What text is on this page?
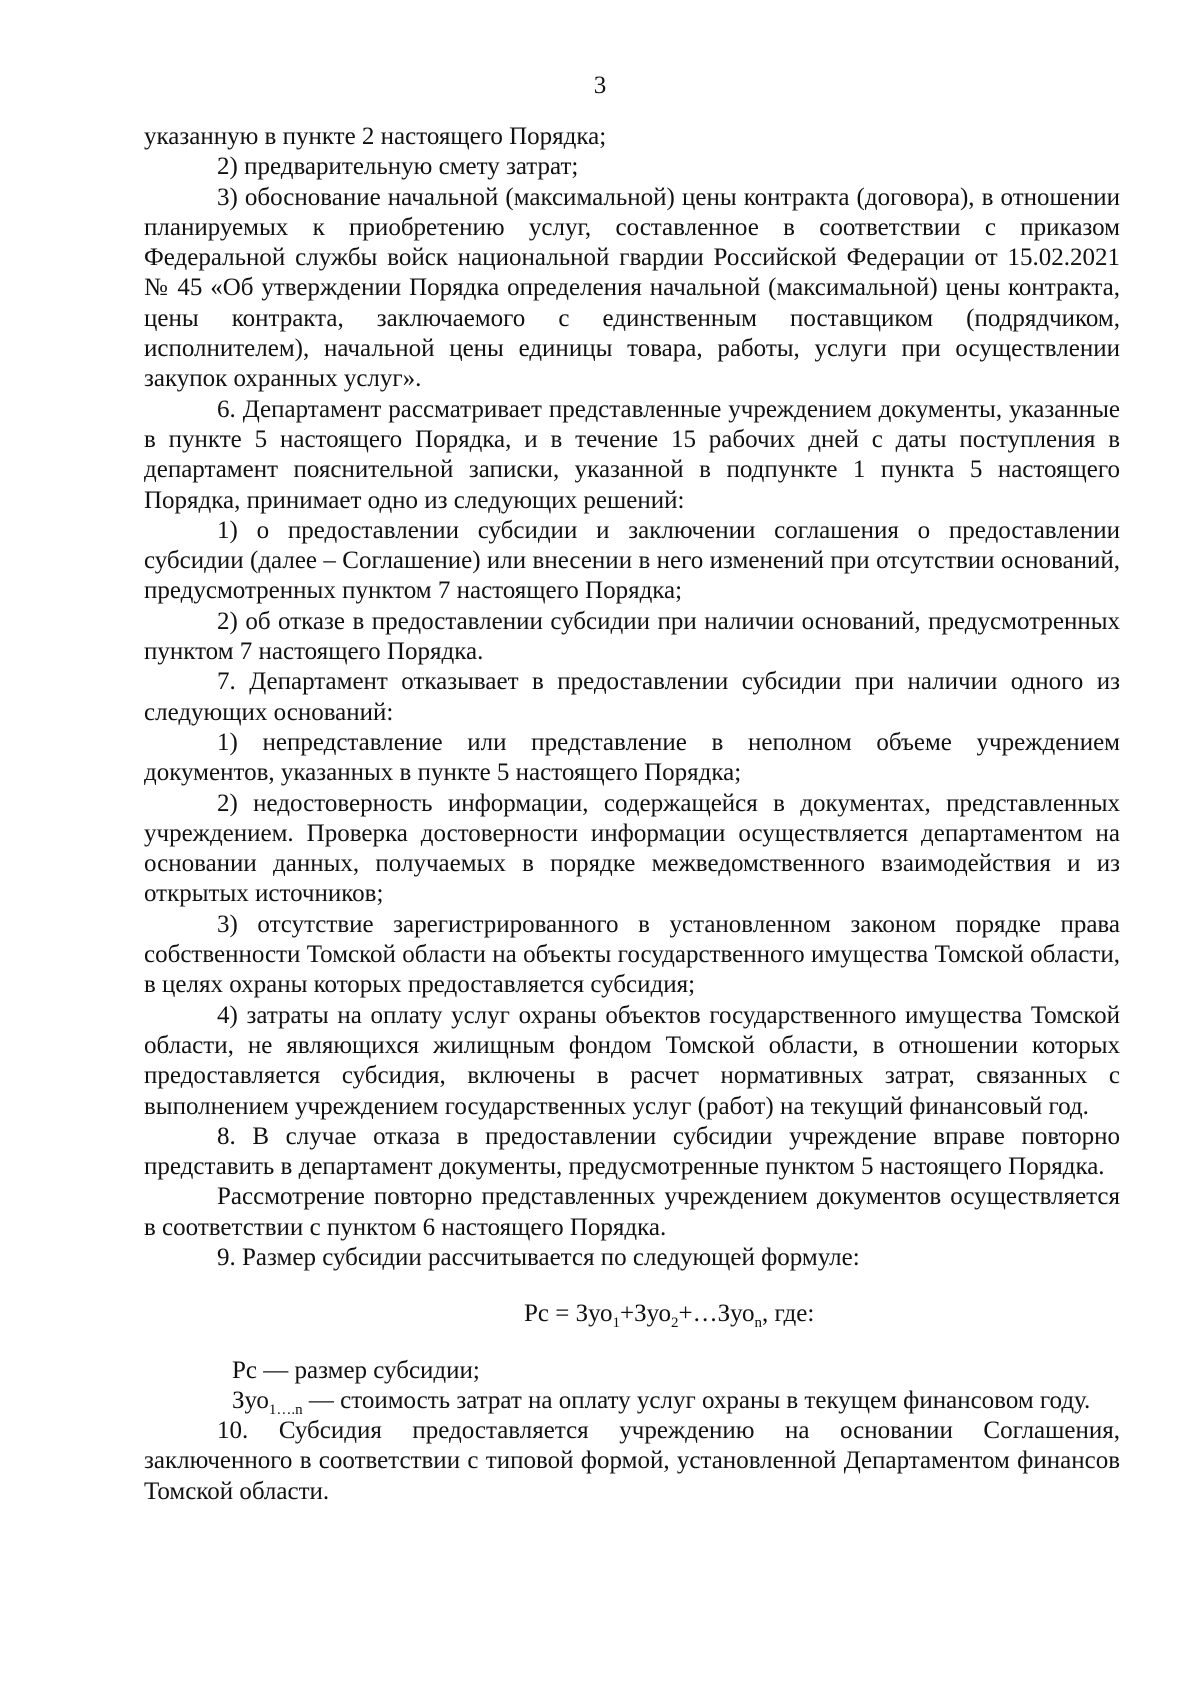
3

указанную в пункте 2 настоящего Порядка;

2) предварительную смету затрат;

3) обоснование начальной (максимальной) цены контракта (договора), в отношении планируемых к приобретению услуг, составленное в соответствии с приказом Федеральной службы войск национальной гвардии Российской Федерации от 15.02.2021 № 45 «Об утверждении Порядка определения начальной (максимальной) цены контракта, цены контракта, заключаемого с единственным поставщиком (подрядчиком, исполнителем), начальной цены единицы товара, работы, услуги при осуществлении закупок охранных услуг».

6. Департамент рассматривает представленные учреждением документы, указанные в пункте 5 настоящего Порядка, и в течение 15 рабочих дней с даты поступления в департамент пояснительной записки, указанной в подпункте 1 пункта 5 настоящего Порядка, принимает одно из следующих решений:

1) о предоставлении субсидии и заключении соглашения о предоставлении субсидии (далее – Соглашение) или внесении в него изменений при отсутствии оснований, предусмотренных пунктом 7 настоящего Порядка;

2) об отказе в предоставлении субсидии при наличии оснований, предусмотренных пунктом 7 настоящего Порядка.

7. Департамент отказывает в предоставлении субсидии при наличии одного из следующих оснований:

1) непредставление или представление в неполном объеме учреждением документов, указанных в пункте 5 настоящего Порядка;

2) недостоверность информации, содержащейся в документах, представленных учреждением. Проверка достоверности информации осуществляется департаментом на основании данных, получаемых в порядке межведомственного взаимодействия и из открытых источников;

3) отсутствие зарегистрированного в установленном законом порядке права собственности Томской области на объекты государственного имущества Томской области, в целях охраны которых предоставляется субсидия;

4) затраты на оплату услуг охраны объектов государственного имущества Томской области, не являющихся жилищным фондом Томской области, в отношении которых предоставляется субсидия, включены в расчет нормативных затрат, связанных с выполнением учреждением государственных услуг (работ) на текущий финансовый год.

8. В случае отказа в предоставлении субсидии учреждение вправе повторно представить в департамент документы, предусмотренные пунктом 5 настоящего Порядка.

Рассмотрение повторно представленных учреждением документов осуществляется в соответствии с пунктом 6 настоящего Порядка.

9. Размер субсидии рассчитывается по следующей формуле:

Рс = Зуо$_1$+Зуо$_2$+…Зуо$_n$, где:

Рс — размер субсидии;

Зуо$_{1\dots.n}$ — стоимость затрат на оплату услуг охраны в текущем финансовом году.

10. Субсидия предоставляется учреждению на основании Соглашения, заключенного в соответствии с типовой формой, установленной Департаментом финансов Томской области.
